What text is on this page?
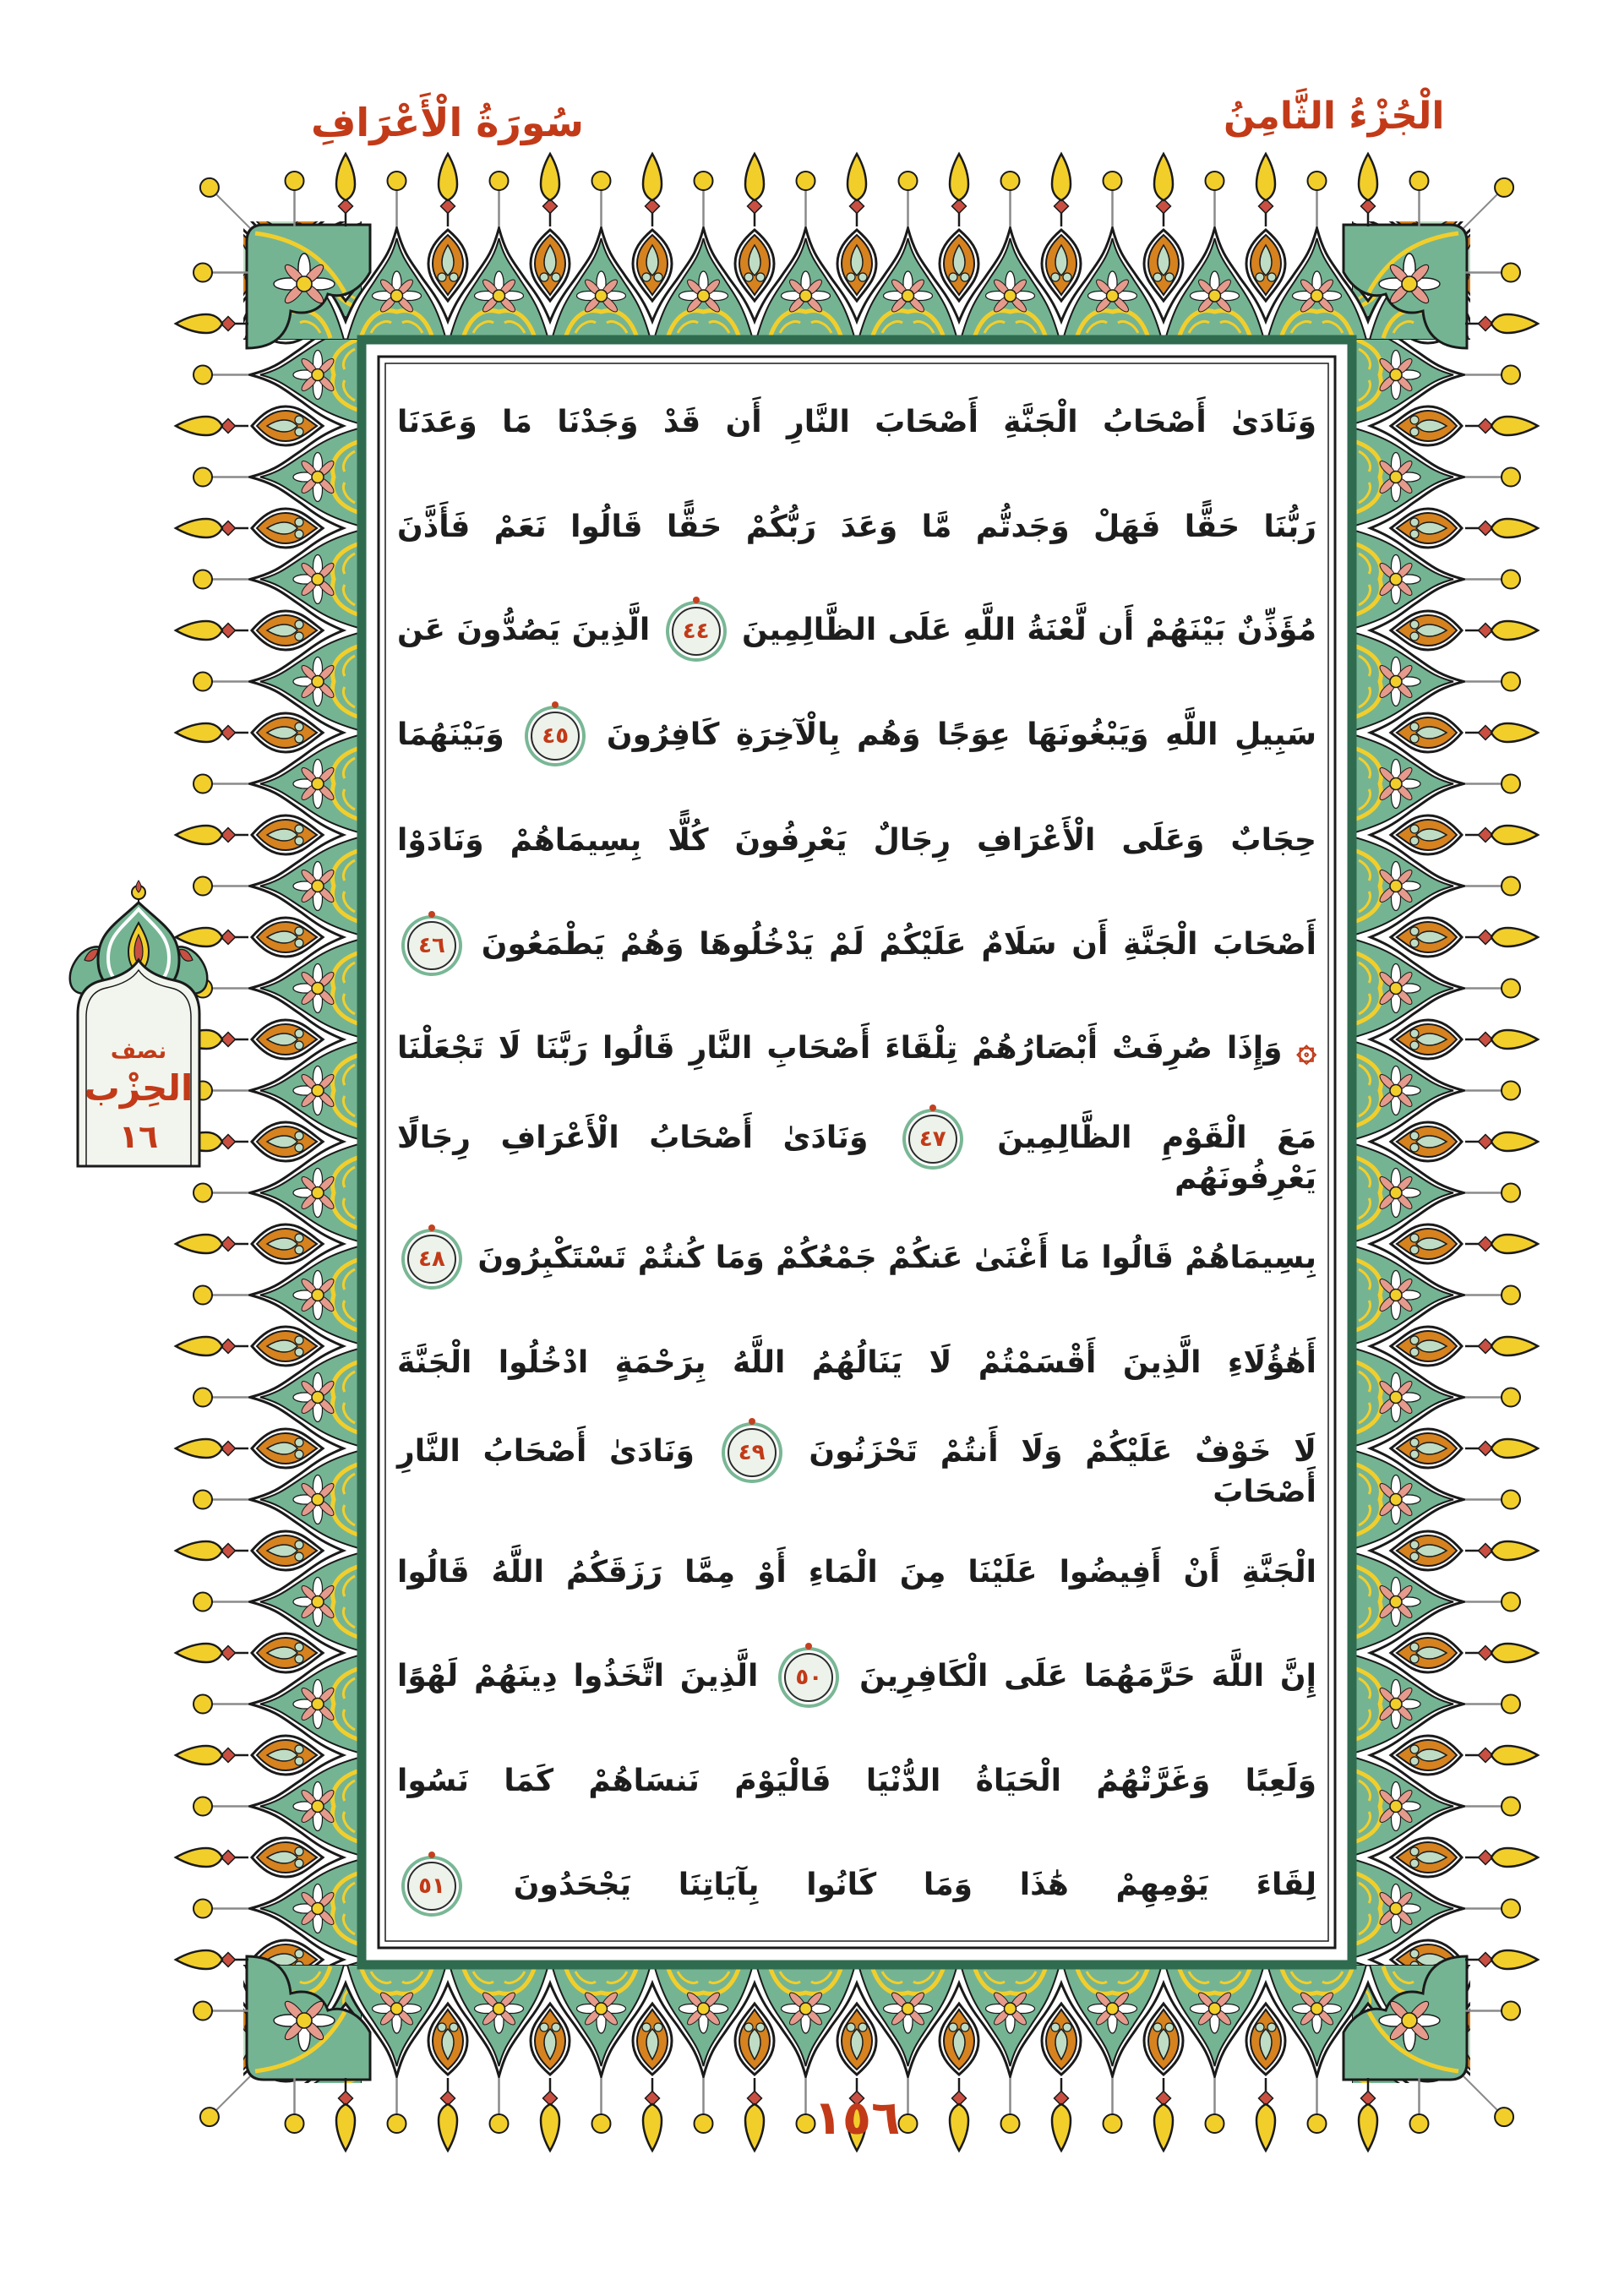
سُورَةُ الْأَعْرَافِ	الْجُزْءُ الثَّامِنُ
نصف
الحِزْب
١٦
وَنَادَىٰ أَصْحَابُ الْجَنَّةِ أَصْحَابَ النَّارِ أَن قَدْ وَجَدْنَا مَا وَعَدَنَا
رَبُّنَا حَقًّا فَهَلْ وَجَدتُّم مَّا وَعَدَ رَبُّكُمْ حَقًّا قَالُوا نَعَمْ فَأَذَّنَ
مُؤَذِّنٌ بَيْنَهُمْ أَن لَّعْنَةُ اللَّهِ عَلَى الظَّالِمِينَ
٤٤
الَّذِينَ يَصُدُّونَ عَن
سَبِيلِ اللَّهِ وَيَبْغُونَهَا عِوَجًا وَهُم بِالْآخِرَةِ كَافِرُونَ
٤٥
وَبَيْنَهُمَا
حِجَابٌ وَعَلَى الْأَعْرَافِ رِجَالٌ يَعْرِفُونَ كُلًّا بِسِيمَاهُمْ وَنَادَوْا
أَصْحَابَ الْجَنَّةِ أَن سَلَامٌ عَلَيْكُمْ لَمْ يَدْخُلُوهَا وَهُمْ يَطْمَعُونَ
٤٦
۞ وَإِذَا صُرِفَتْ أَبْصَارُهُمْ تِلْقَاءَ أَصْحَابِ النَّارِ قَالُوا رَبَّنَا لَا تَجْعَلْنَا
مَعَ الْقَوْمِ الظَّالِمِينَ
٤٧
وَنَادَىٰ أَصْحَابُ الْأَعْرَافِ رِجَالًا يَعْرِفُونَهُم
بِسِيمَاهُمْ قَالُوا مَا أَغْنَىٰ عَنكُمْ جَمْعُكُمْ وَمَا كُنتُمْ تَسْتَكْبِرُونَ
٤٨
أَهَٰؤُلَاءِ الَّذِينَ أَقْسَمْتُمْ لَا يَنَالُهُمُ اللَّهُ بِرَحْمَةٍ ادْخُلُوا الْجَنَّةَ
لَا خَوْفٌ عَلَيْكُمْ وَلَا أَنتُمْ تَحْزَنُونَ
٤٩
وَنَادَىٰ أَصْحَابُ النَّارِ أَصْحَابَ
الْجَنَّةِ أَنْ أَفِيضُوا عَلَيْنَا مِنَ الْمَاءِ أَوْ مِمَّا رَزَقَكُمُ اللَّهُ قَالُوا
إِنَّ اللَّهَ حَرَّمَهُمَا عَلَى الْكَافِرِينَ
٥٠
الَّذِينَ اتَّخَذُوا دِينَهُمْ لَهْوًا
وَلَعِبًا وَغَرَّتْهُمُ الْحَيَاةُ الدُّنْيَا فَالْيَوْمَ نَنسَاهُمْ كَمَا نَسُوا
لِقَاءَ يَوْمِهِمْ هَٰذَا وَمَا كَانُوا بِآيَاتِنَا يَجْحَدُونَ
٥١
١٥٦
